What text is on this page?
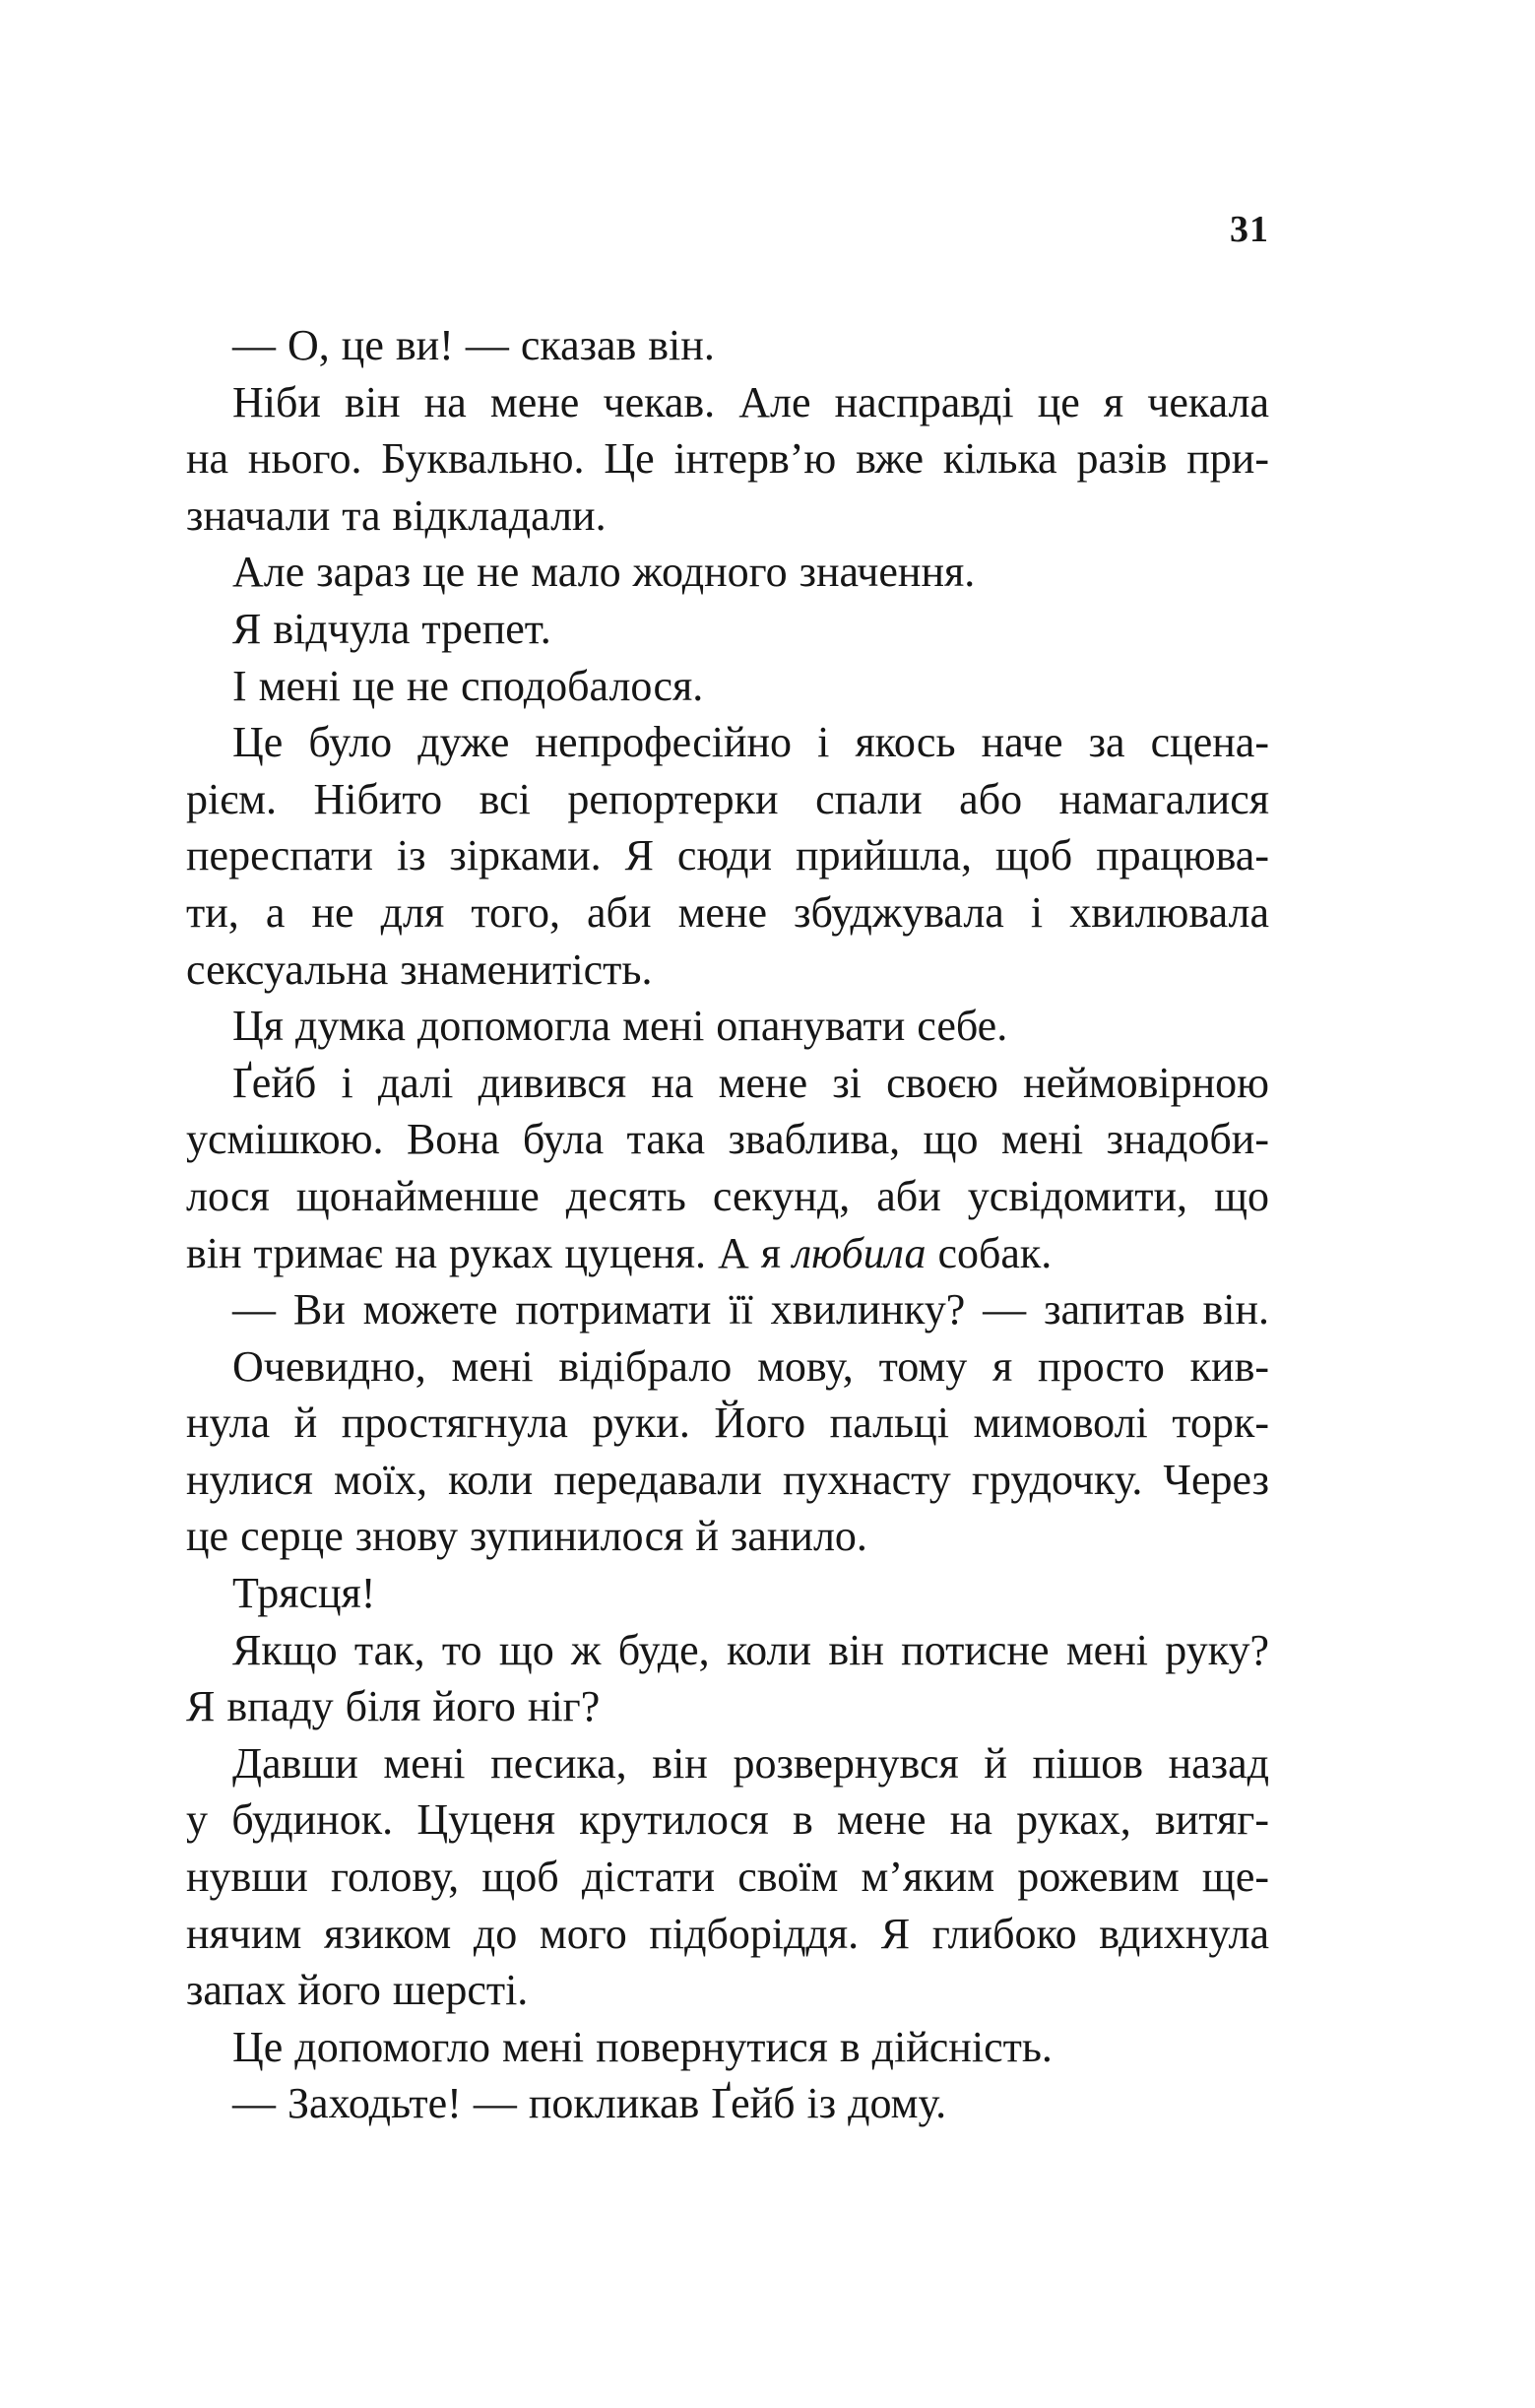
31
— О, це ви! — сказав він.
Ніби він на мене чекав. Але насправді це я чекала
на нього. Буквально. Це інтерв’ю вже кілька разів при-
значали та відкладали.
Але зараз це не мало жодного значення.
Я відчула трепет.
І мені це не сподобалося.
Це було дуже непрофесійно і якось наче за сцена-
рієм. Нібито всі репортерки спали або намагалися
переспати із зірками. Я сюди прийшла, щоб працюва-
ти, а не для того, аби мене збуджувала і хвилювала
сексуальна знаменитість.
Ця думка допомогла мені опанувати себе.
Ґейб і далі дивився на мене зі своєю неймовірною
усмішкою. Вона була така зваблива, що мені знадоби-
лося щонайменше десять секунд, аби усвідомити, що
він тримає на руках цуценя. А я любила собак.
— Ви можете потримати її хвилинку? — запитав він.
Очевидно, мені відібрало мову, тому я просто кив-
нула й простягнула руки. Його пальці мимоволі торк-
нулися моїх, коли передавали пухнасту грудочку. Через
це серце знову зупинилося й занило.
Трясця!
Якщо так, то що ж буде, коли він потисне мені руку?
Я впаду біля його ніг?
Давши мені песика, він розвернувся й пішов назад
у будинок. Цуценя крутилося в мене на руках, витяг-
нувши голову, щоб дістати своїм м’яким рожевим ще-
нячим язиком до мого підборіддя. Я глибоко вдихнула
запах його шерсті.
Це допомогло мені повернутися в дійсність.
— Заходьте! — покликав Ґейб із дому.
